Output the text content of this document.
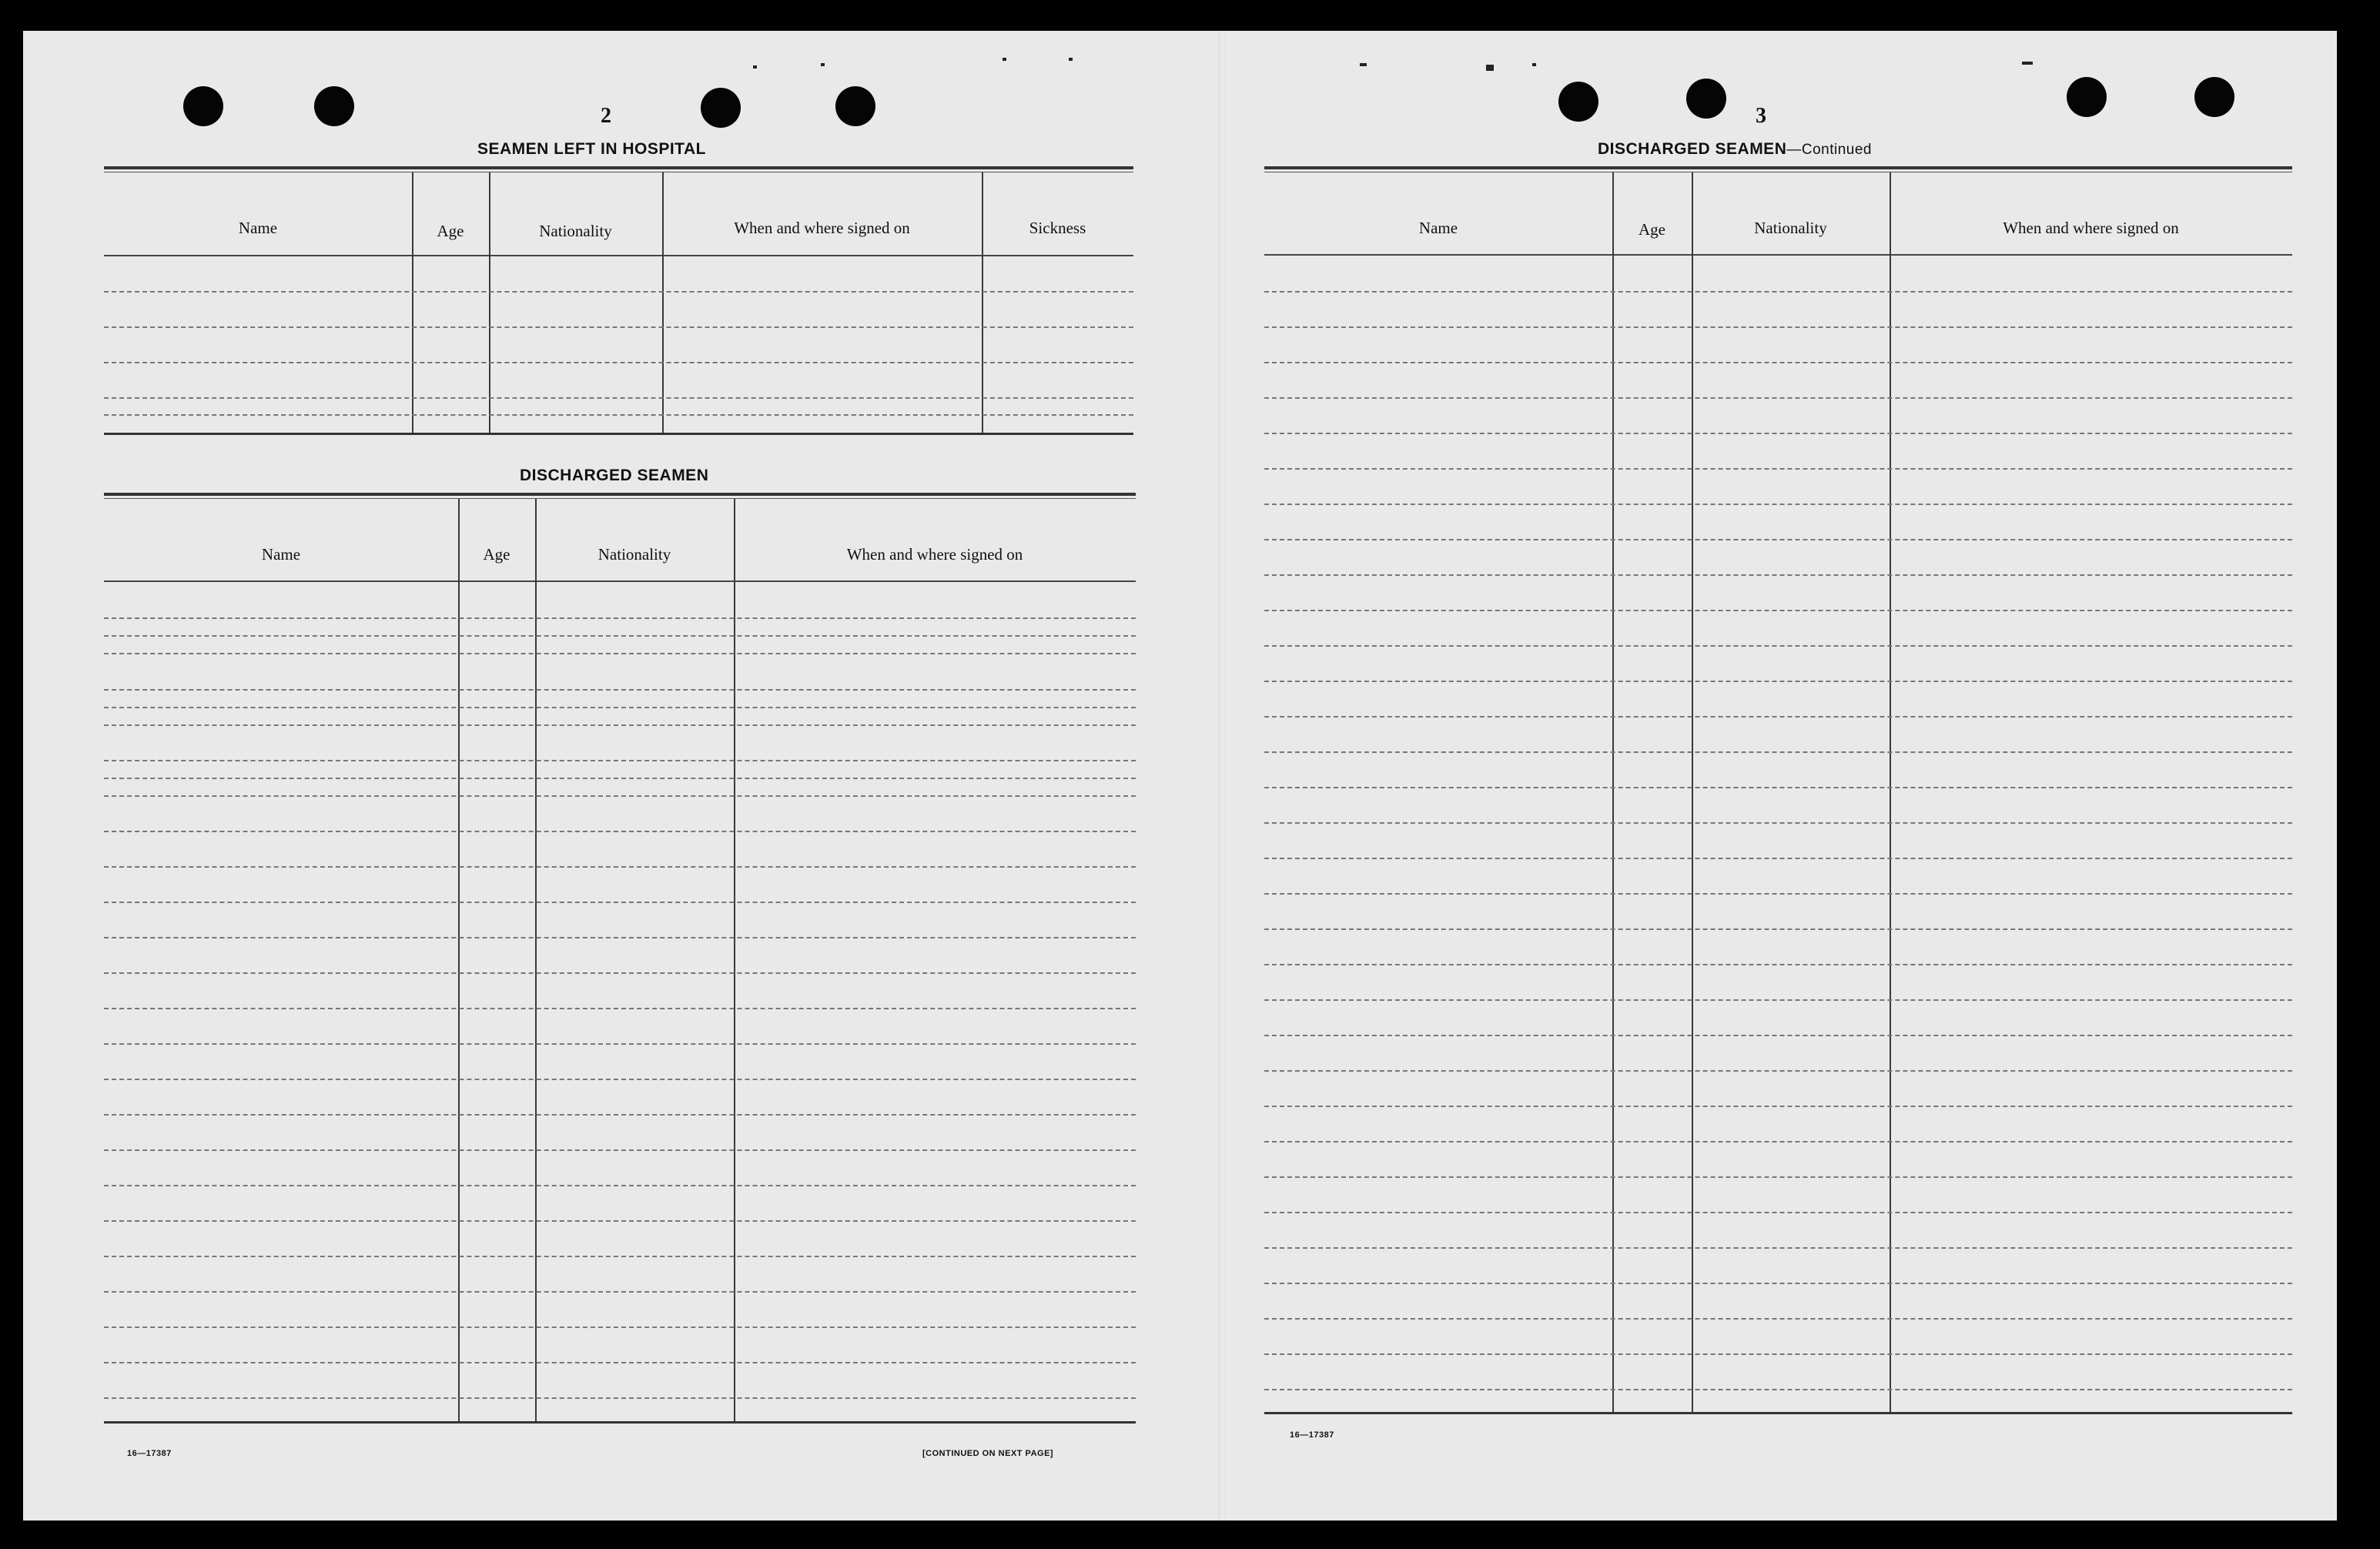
2	3
SEAMEN LEFT IN HOSPITAL
Name	Age	Nationality	When and where signed on	Sickness
DISCHARGED SEAMEN
Name	Age	Nationality	When and where signed on
16—17387	[CONTINUED ON NEXT PAGE]
DISCHARGED SEAMEN—Continued
Name	Age	Nationality	When and where signed on
16—17387
